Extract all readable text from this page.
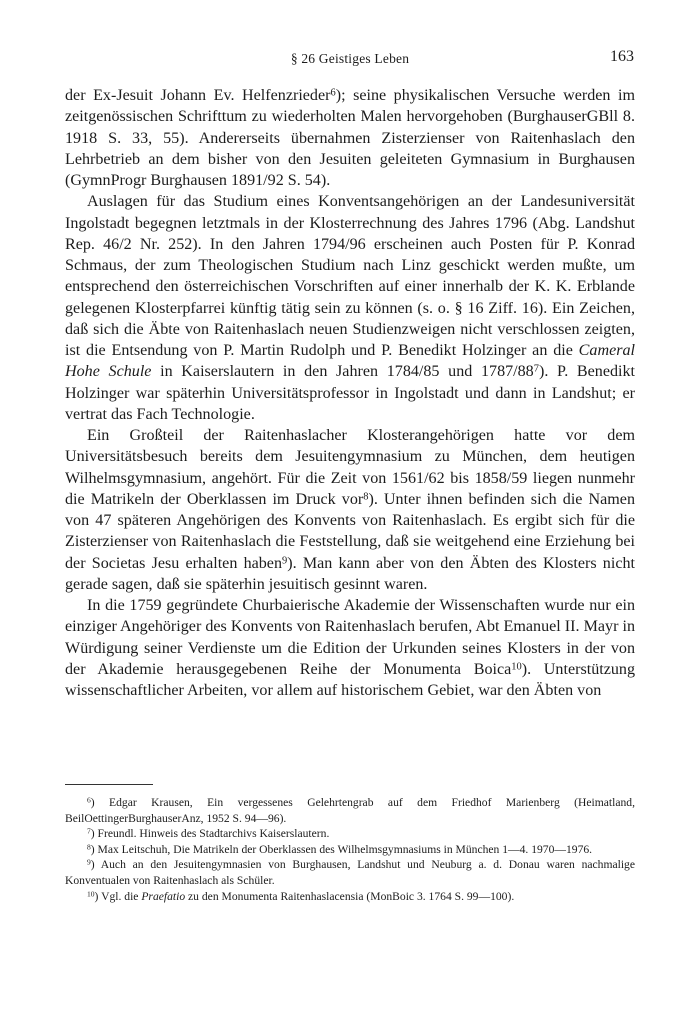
§ 26 Geistiges Leben	163

der Ex-Jesuit Johann Ev. Helfenzrieder$^6$); seine physikalischen Versuche werden im zeitgenössischen Schrifttum zu wiederholten Malen hervorgehoben (BurghauserGBll 8. 1918 S. 33, 55). Andererseits übernahmen Zisterzienser von Raitenhaslach den Lehrbetrieb an dem bisher von den Jesuiten geleiteten Gymnasium in Burghausen (GymnProgr Burghausen 1891/92 S. 54).

Auslagen für das Studium eines Konventsangehörigen an der Landesuniversität Ingolstadt begegnen letztmals in der Klosterrechnung des Jahres 1796 (Abg. Landshut Rep. 46/2 Nr. 252). In den Jahren 1794/96 erscheinen auch Posten für P. Konrad Schmaus, der zum Theologischen Studium nach Linz geschickt werden mußte, um entsprechend den österreichischen Vorschriften auf einer innerhalb der K. K. Erblande gelegenen Klosterpfarrei künftig tätig sein zu können (s. o. § 16 Ziff. 16). Ein Zeichen, daß sich die Äbte von Raitenhaslach neuen Studienzweigen nicht verschlossen zeigten, ist die Entsendung von P. Martin Rudolph und P. Benedikt Holzinger an die Cameral Hohe Schule in Kaiserslautern in den Jahren 1784/85 und $1787/88^7$). P. Benedikt Holzinger war späterhin Universitätsprofessor in Ingolstadt und dann in Landshut; er vertrat das Fach Technologie.

Ein Großteil der Raitenhaslacher Klosterangehörigen hatte vor dem Universitätsbesuch bereits dem Jesuitengymnasium zu München, dem heutigen Wilhelmsgymnasium, angehört. Für die Zeit von 1561/62 bis 1858/59 liegen nunmehr die Matrikeln der Oberklassen im Druck vor$^8$). Unter ihnen befinden sich die Namen von 47 späteren Angehörigen des Konvents von Raitenhaslach. Es ergibt sich für die Zisterzienser von Raitenhaslach die Feststellung, daß sie weitgehend eine Erziehung bei der Societas Jesu erhalten haben$^9$). Man kann aber von den Äbten des Klosters nicht gerade sagen, daß sie späterhin jesuitisch gesinnt waren.

In die 1759 gegründete Churbaierische Akademie der Wissenschaften wurde nur ein einziger Angehöriger des Konvents von Raitenhaslach berufen, Abt Emanuel II. Mayr in Würdigung seiner Verdienste um die Edition der Urkunden seines Klosters in der von der Akademie herausgegebenen Reihe der Monumenta Boica$^{10}$). Unterstützung wissenschaftlicher Arbeiten, vor allem auf historischem Gebiet, war den Äbten von

$^6$) Edgar Krausen, Ein vergessenes Gelehrtengrab auf dem Friedhof Marienberg (Heimatland, BeilOettingerBurghauserAnz, 1952 S. 94—96).

$^7$) Freundl. Hinweis des Stadtarchivs Kaiserslautern.

$^8$) Max Leitschuh, Die Matrikeln der Oberklassen des Wilhelmsgymnasiums in München 1—4. 1970—1976.

$^9$) Auch an den Jesuitengymnasien von Burghausen, Landshut und Neuburg a. d. Donau waren nachmalige Konventualen von Raitenhaslach als Schüler.

$^{10}$) Vgl. die Praefatio zu den Monumenta Raitenhaslacensia (MonBoic 3. 1764 S. 99—100).
